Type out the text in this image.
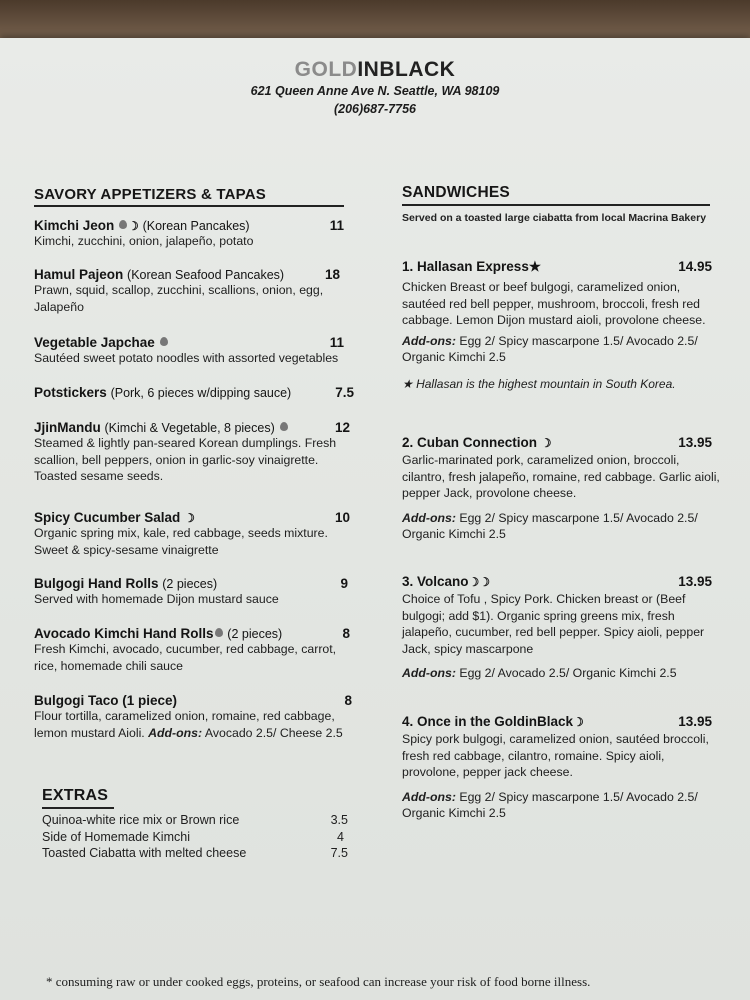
GOLDINBLACK
621 Queen Anne Ave N. Seattle, WA 98109
(206)687-7756
SAVORY APPETIZERS & TAPAS
Kimchi Jeon ☽ (Korean Pancakes)	11
Kimchi, zucchini, onion, jalapeño, potato
Hamul Pajeon (Korean Seafood Pancakes)	18
Prawn, squid, scallop, zucchini, scallions, onion, egg, Jalapeño
Vegetable Japchae	11
Sautéed sweet potato noodles with assorted vegetables
Potstickers (Pork, 6 pieces w/dipping sauce)	7.5
JjinMandu (Kimchi & Vegetable, 8 pieces)	12
Steamed & lightly pan-seared Korean dumplings. Fresh scallion, bell peppers, onion in garlic-soy vinaigrette. Toasted sesame seeds.
Spicy Cucumber Salad ☽	10
Organic spring mix, kale, red cabbage, seeds mixture. Sweet & spicy-sesame vinaigrette
Bulgogi Hand Rolls (2 pieces)	9
Served with homemade Dijon mustard sauce
Avocado Kimchi Hand Rolls (2 pieces)	8
Fresh Kimchi, avocado, cucumber, red cabbage, carrot, rice, homemade chili sauce
Bulgogi Taco (1 piece)	8
Flour tortilla, caramelized onion, romaine, red cabbage, lemon mustard Aioli. Add-ons: Avocado 2.5/ Cheese 2.5
EXTRAS
Quinoa-white rice mix or Brown rice	3.5
Side of Homemade Kimchi	4
Toasted Ciabatta with melted cheese	7.5
SANDWICHES
Served on a toasted large ciabatta from local Macrina Bakery
1. Hallasan Express★	14.95
Chicken Breast or beef bulgogi, caramelized onion, sautéed red bell pepper, mushroom, broccoli, fresh red cabbage. Lemon Dijon mustard aioli, provolone cheese.
Add-ons: Egg 2/ Spicy mascarpone 1.5/ Avocado 2.5/ Organic Kimchi 2.5
★ Hallasan is the highest mountain in South Korea.
2. Cuban Connection ☽	13.95
Garlic-marinated pork, caramelized onion, broccoli, cilantro, fresh jalapeño, romaine, red cabbage. Garlic aioli, pepper Jack, provolone cheese.
Add-ons: Egg 2/ Spicy mascarpone 1.5/ Avocado 2.5/ Organic Kimchi 2.5
3. Volcano☽☽	13.95
Choice of Tofu , Spicy Pork. Chicken breast or (Beef bulgogi; add $1). Organic spring greens mix, fresh jalapeño, cucumber, red bell pepper. Spicy aioli, pepper Jack, spicy mascarpone
Add-ons: Egg 2/ Avocado 2.5/ Organic Kimchi 2.5
4. Once in the GoldinBlack☽	13.95
Spicy pork bulgogi, caramelized onion, sautéed broccoli, fresh red cabbage, cilantro, romaine. Spicy aioli, provolone, pepper jack cheese.
Add-ons: Egg 2/ Spicy mascarpone 1.5/ Avocado 2.5/ Organic Kimchi 2.5
* consuming raw or under cooked eggs, proteins, or seafood can increase your risk of food borne illness.
